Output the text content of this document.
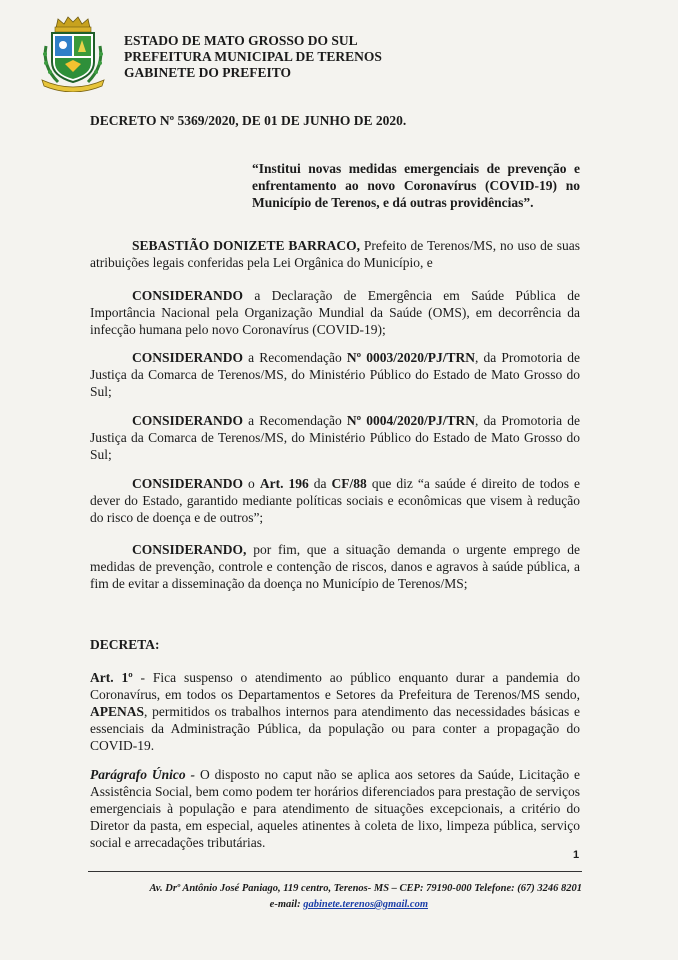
ESTADO DE MATO GROSSO DO SUL
PREFEITURA MUNICIPAL DE TERENOS
GABINETE DO PREFEITO
DECRETO Nº 5369/2020, DE 01 DE JUNHO DE 2020.
“Institui novas medidas emergenciais de prevenção e enfrentamento ao novo Coronavírus (COVID-19) no Município de Terenos, e dá outras providências”.

SEBASTIÃO DONIZETE BARRACO, Prefeito de Terenos/MS, no uso de suas atribuições legais conferidas pela Lei Orgânica do Município, e

CONSIDERANDO a Declaração de Emergência em Saúde Pública de Importância Nacional pela Organização Mundial da Saúde (OMS), em decorrência da infecção humana pelo novo Coronavírus (COVID-19);

CONSIDERANDO a Recomendação Nº 0003/2020/PJ/TRN, da Promotoria de Justiça da Comarca de Terenos/MS, do Ministério Público do Estado de Mato Grosso do Sul;

CONSIDERANDO a Recomendação Nº 0004/2020/PJ/TRN, da Promotoria de Justiça da Comarca de Terenos/MS, do Ministério Público do Estado de Mato Grosso do Sul;

CONSIDERANDO o Art. 196 da CF/88 que diz “a saúde é direito de todos e dever do Estado, garantido mediante políticas sociais e econômicas que visem à redução do risco de doença e de outros”;

CONSIDERANDO, por fim, que a situação demanda o urgente emprego de medidas de prevenção, controle e contenção de riscos, danos e agravos à saúde pública, a fim de evitar a disseminação da doença no Município de Terenos/MS;

DECRETA:

Art. 1º - Fica suspenso o atendimento ao público enquanto durar a pandemia do Coronavírus, em todos os Departamentos e Setores da Prefeitura de Terenos/MS sendo, APENAS, permitidos os trabalhos internos para atendimento das necessidades básicas e essenciais da Administração Pública, da população ou para conter a propagação do COVID-19.

Parágrafo Único - O disposto no caput não se aplica aos setores da Saúde, Licitação e Assistência Social, bem como podem ter horários diferenciados para prestação de serviços emergenciais à população e para atendimento de situações excepcionais, a critério do Diretor da pasta, em especial, aqueles atinentes à coleta de lixo, limpeza pública, serviço social e arrecadações tributárias.

1
Av. Drº Antônio José Paniago, 119 centro, Terenos- MS – CEP: 79190-000 Telefone: (67) 3246 8201
e-mail: gabinete.terenos@gmail.com
